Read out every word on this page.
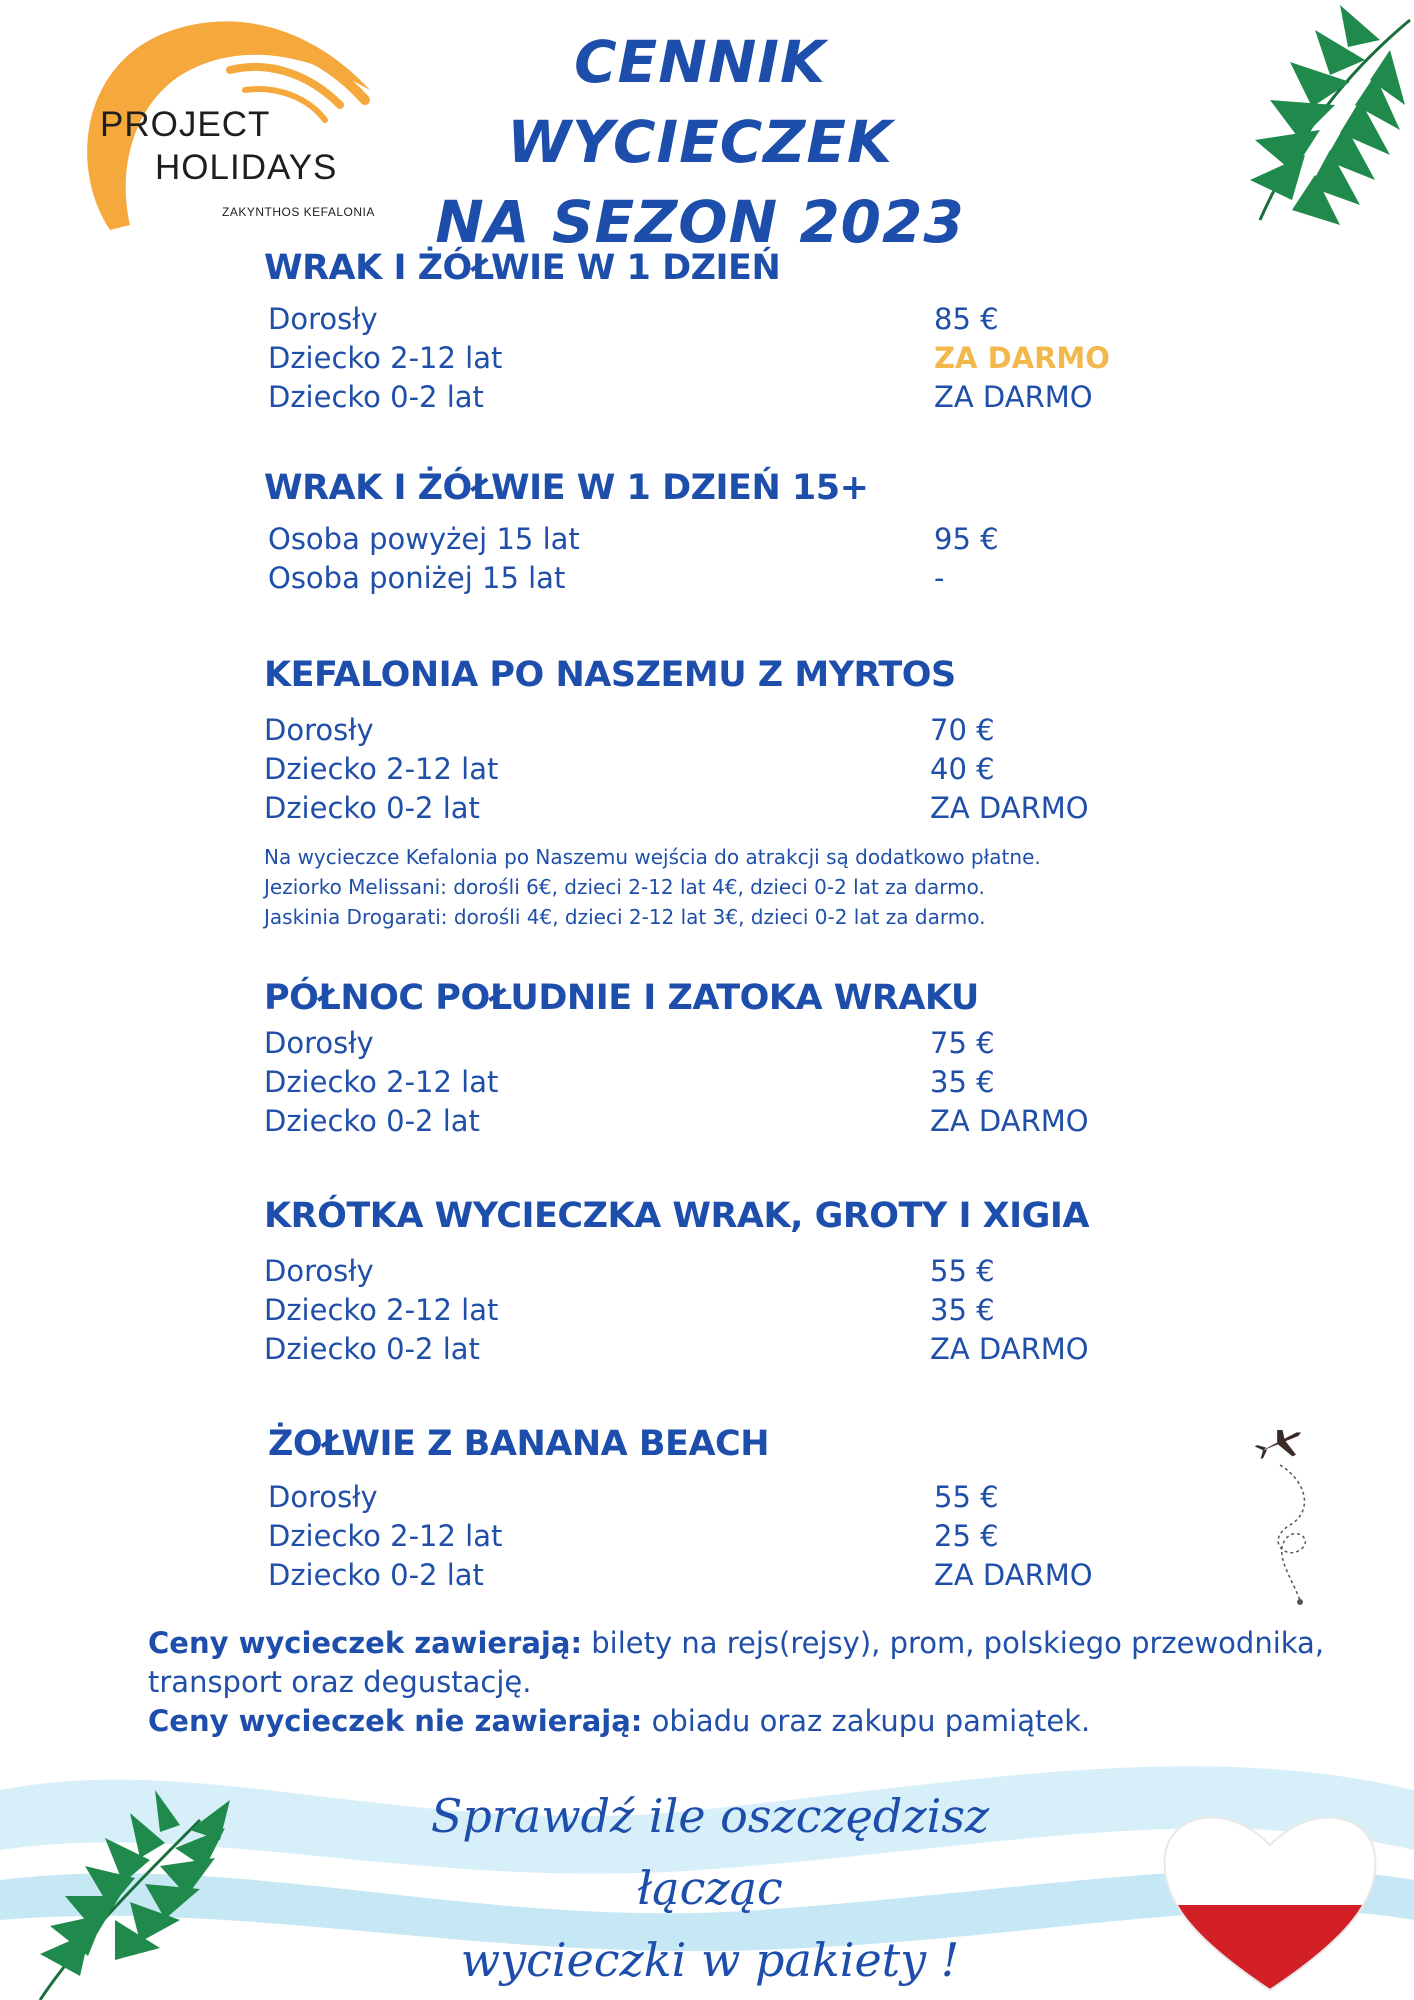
PROJECT
HOLIDAYS
ZAKYNTHOS KEFALONIA
CENNIK WYCIECZEK
NA SEZON 2023
WRAK I ŻÓŁWIE W 1 DZIEŃ
Dorosły	85 €
Dziecko 2-12 lat	ZA DARMO
Dziecko 0-2 lat	ZA DARMO
WRAK I ŻÓŁWIE W 1 DZIEŃ 15+
Osoba powyżej 15 lat	95 €
Osoba poniżej 15 lat	-
KEFALONIA PO NASZEMU Z MYRTOS
Dorosły	70 €
Dziecko 2-12 lat	40 €
Dziecko 0-2 lat	ZA DARMO
Na wycieczce Kefalonia po Naszemu wejścia do atrakcji są dodatkowo płatne.
Jeziorko Melissani: dorośli 6€, dzieci 2-12 lat 4€, dzieci 0-2 lat za darmo.
Jaskinia Drogarati: dorośli 4€, dzieci 2-12 lat 3€, dzieci 0-2 lat za darmo.
PÓŁNOC POŁUDNIE I ZATOKA WRAKU
Dorosły	75 €
Dziecko 2-12 lat	35 €
Dziecko 0-2 lat	ZA DARMO
KRÓTKA WYCIECZKA WRAK, GROTY I XIGIA
Dorosły	55 €
Dziecko 2-12 lat	35 €
Dziecko 0-2 lat	ZA DARMO
ŻOŁWIE Z BANANA BEACH
Dorosły	55 €
Dziecko 2-12 lat	25 €
Dziecko 0-2 lat	ZA DARMO
Ceny wycieczek zawierają: bilety na rejs(rejsy), prom, polskiego przewodnika, transport oraz degustację.
Ceny wycieczek nie zawierają: obiadu oraz zakupu pamiątek.
Sprawdź ile oszczędzisz łącząc
wycieczki w pakiety !
